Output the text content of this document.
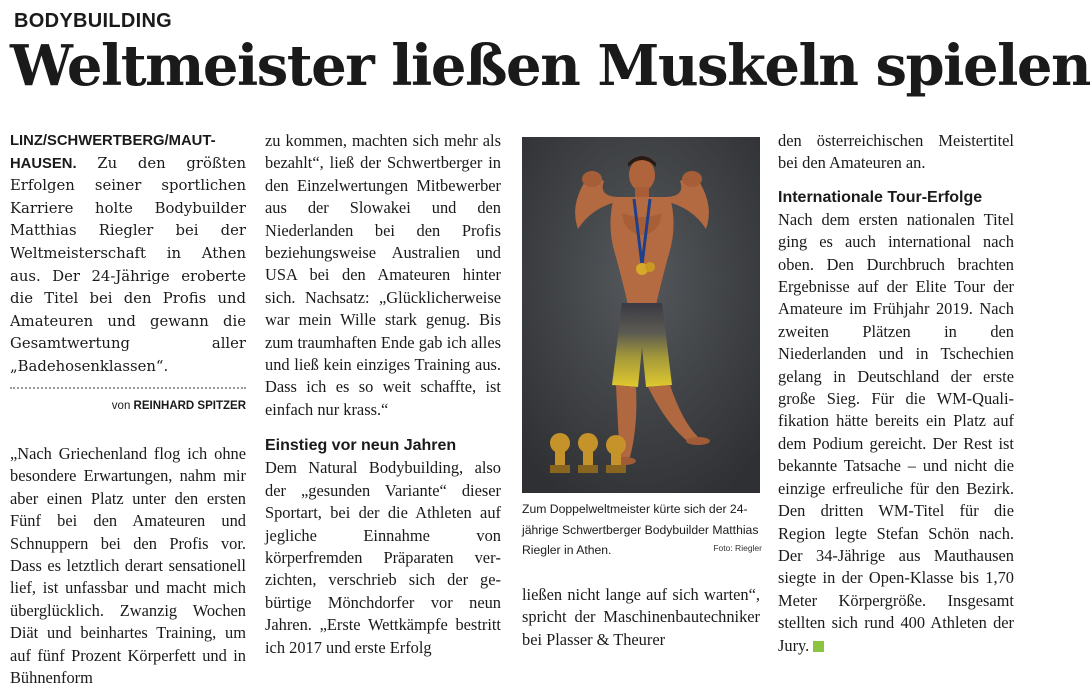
BODYBUILDING
Weltmeister ließen Muskeln spielen

LINZ/SCHWERTBERG/MAUT-HAUSEN. Zu den größten Erfolgen seiner sportlichen Karriere holte Bodybuilder Matthias Riegler bei der Weltmeisterschaft in Athen aus. Der 24-Jährige eroberte die Titel bei den Profis und Amateuren und gewann die Gesamtwertung aller „Badehosenklassen“.

von REINHARD SPITZER

„Nach Griechenland flog ich ohne besondere Erwartungen, nahm mir aber einen Platz unter den ersten Fünf bei den Amateuren und Schnuppern bei den Profis vor. Dass es letztlich derart sensationell lief, ist unfassbar und macht mich überglücklich. Zwanzig Wochen Diät und beinhartes Training, um auf fünf Prozent Körperfett und in Bühnenform

zu kommen, machten sich mehr als bezahlt“, ließ der Schwertberger in den Einzelwertungen Mitbewerber aus der Slowakei und den Niederlanden bei den Profis beziehungsweise Australien und USA bei den Amateuren hinter sich. Nachsatz: „Glücklicherweise war mein Wille stark genug. Bis zum traumhaften Ende gab ich alles und ließ kein einziges Training aus. Dass ich es so weit schaffte, ist einfach nur krass.“

Einstieg vor neun Jahren

Dem Natural Bodybuilding, also der „gesunden Variante“ dieser Sportart, bei der die Athleten auf jegliche Einnahme von körperfremden Präparaten verzichten, verschrieb sich der gebürtige Mönchdorfer vor neun Jahren. „Erste Wettkämpfe bestritt ich 2017 und erste Erfolg

Zum Doppelweltmeister kürte sich der 24-jährige Schwertberger Bodybuilder Matthias Riegler in Athen.	Foto: Riegler

ließen nicht lange auf sich warten“, spricht der Maschinenbautechniker bei Plasser & Theurer

den österreichischen Meistertitel bei den Amateuren an.

Internationale Tour-Erfolge

Nach dem ersten nationalen Titel ging es auch international nach oben. Den Durchbruch brachten Ergebnisse auf der Elite Tour der Amateure im Frühjahr 2019. Nach zweiten Plätzen in den Niederlanden und in Tschechien gelang in Deutschland der erste große Sieg. Für die WM-Qualifikation hätte bereits ein Platz auf dem Podium gereicht. Der Rest ist bekannte Tatsache – und nicht die einzige erfreuliche für den Bezirk. Den dritten WM-Titel für die Region legte Stefan Schön nach. Der 34-Jährige aus Mauthausen siegte in der Open-Klasse bis 1,70 Meter Körpergröße. Insgesamt stellten sich rund 400 Athleten der Jury.
